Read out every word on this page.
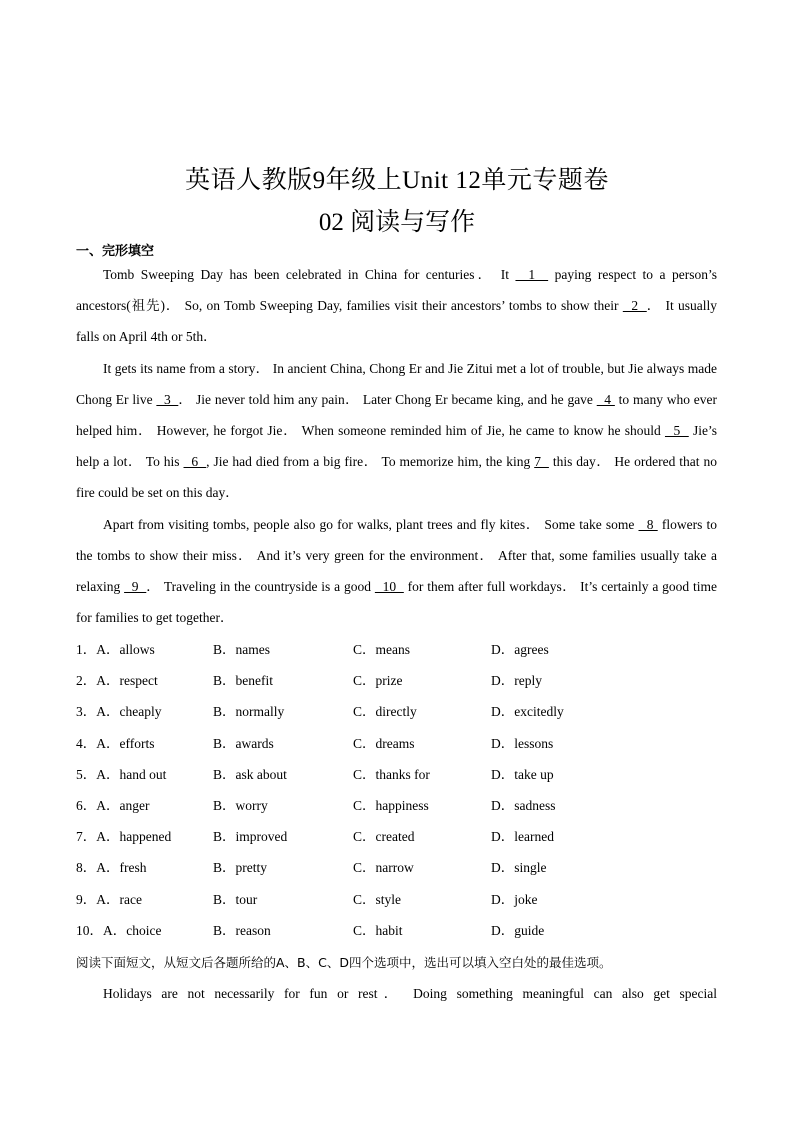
英语人教版9年级上Unit 12单元专题卷
02 阅读与写作
一、完形填空

Tomb Sweeping Day has been celebrated in China for centuries． It   1   paying respect to a person’s ancestors(祖先)． So, on Tomb Sweeping Day, families visit their ancestors’ tombs to show their   2  ． It usually falls on April 4th or 5th．

It gets its name from a story． In ancient China, Chong Er and Jie Zitui met a lot of trouble, but Jie always made Chong Er live   3  ． Jie never told him any pain． Later Chong Er became king, and he gave   4  to many who ever helped him． However, he forgot Jie． When someone reminded him of Jie, he came to know he should   5   Jie’s help a lot． To his   6  , Jie had died from a big fire． To memorize him, the king 7   this day． He ordered that no fire could be set on this day．

Apart from visiting tombs, people also go for walks, plant trees and fly kites． Some take some   8  flowers to the tombs to show their miss． And it’s very green for the environment． After that, some families usually take a relaxing   9  ． Traveling in the countryside is a good   10   for them after full workdays． It’s certainly a good time for families to get together．

1．A．allows	B．names	C．means	D．agrees
2．A．respect	B．benefit	C．prize	D．reply
3．A．cheaply	B．normally	C．directly	D．excitedly
4．A．efforts	B．awards	C．dreams	D．lessons
5．A．hand out	B．ask about	C．thanks for	D．take up
6．A．anger	B．worry	C．happiness	D．sadness
7．A．happened	B．improved	C．created	D．learned
8．A．fresh	B．pretty	C．narrow	D．single
9．A．race	B．tour	C．style	D．joke
10．A．choice	B．reason	C．habit	D．guide
阅读下面短文，从短文后各题所给的A、B、C、D四个选项中，选出可以填入空白处的最佳选项。
Holidays are not necessarily for fun or rest． Doing something meaningful can also get special
